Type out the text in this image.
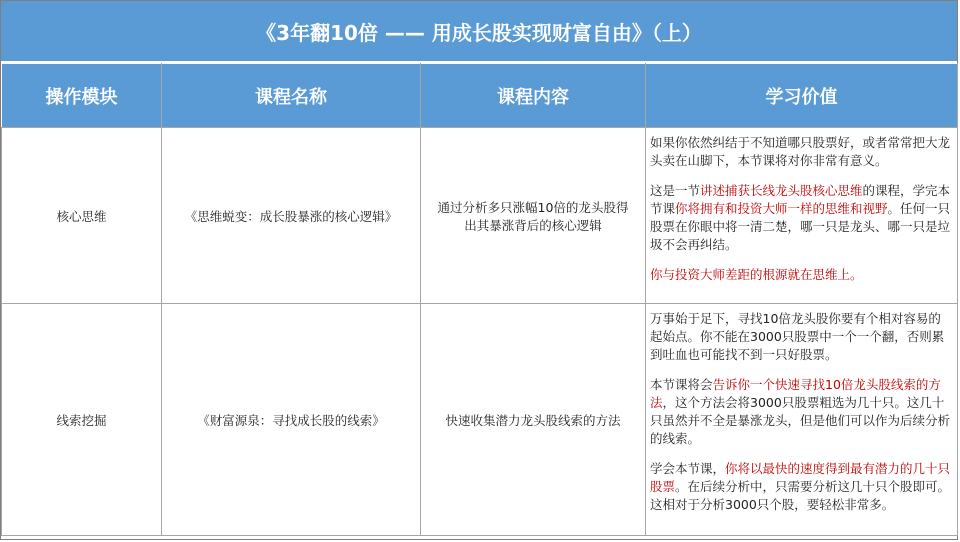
《3年翻10倍 —— 用成长股实现财富自由》（上）
操作模块	课程名称	课程内容	学习价值
核心思维	《思维蜕变：成长股暴涨的核心逻辑》	通过分析多只涨幅10倍的龙头股得出其暴涨背后的核心逻辑	如果你依然纠结于不知道哪只股票好，或者常常把大龙头卖在山脚下，本节课将对你非常有意义。

这是一节讲述捕获长线龙头股核心思维的课程，学完本节课你将拥有和投资大师一样的思维和视野。任何一只股票在你眼中将一清二楚，哪一只是龙头、哪一只是垃圾不会再纠结。

你与投资大师差距的根源就在思维上。

线索挖掘	《财富源泉：寻找成长股的线索》	快速收集潜力龙头股线索的方法	万事始于足下，寻找10倍龙头股你要有个相对容易的起始点。你不能在3000只股票中一个一个翻，否则累到吐血也可能找不到一只好股票。

本节课将会告诉你一个快速寻找10倍龙头股线索的方法，这个方法会将3000只股票粗选为几十只。这几十只虽然并不全是暴涨龙头，但是他们可以作为后续分析的线索。

学会本节课，你将以最快的速度得到最有潜力的几十只股票。在后续分析中，只需要分析这几十只个股即可。这相对于分析3000只个股，要轻松非常多。
